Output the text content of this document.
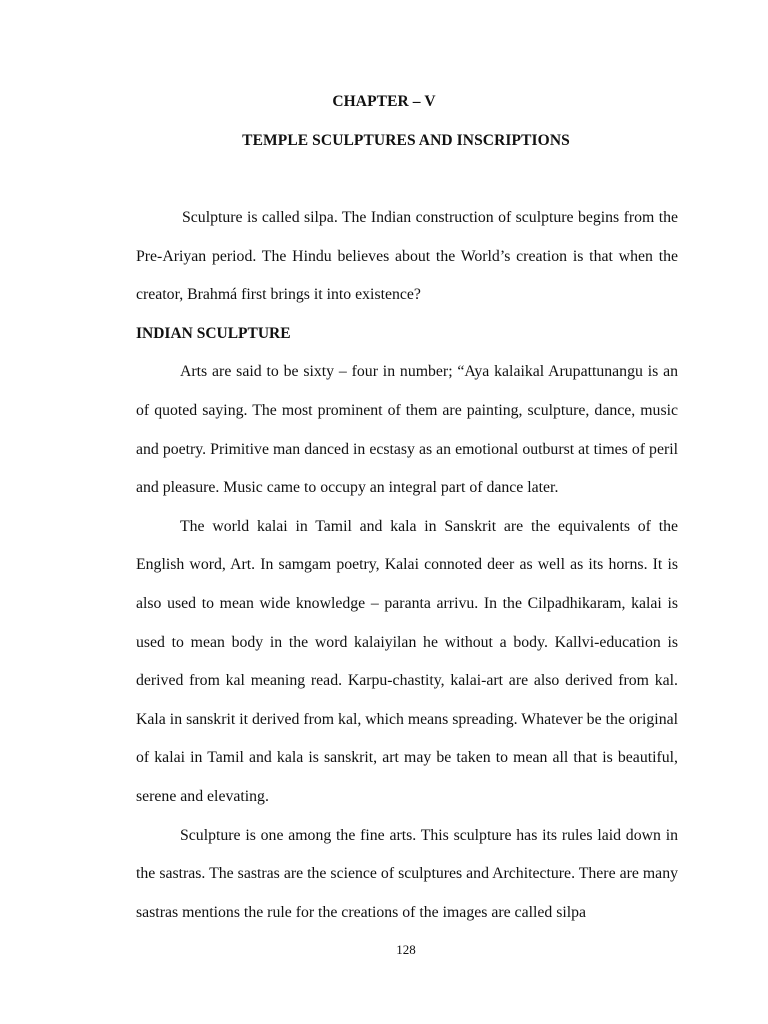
CHAPTER – V
TEMPLE SCULPTURES AND INSCRIPTIONS

Sculpture is called silpa. The Indian construction of sculpture begins from the Pre-Ariyan period. The Hindu believes about the World’s creation is that when the creator, Brahmá first brings it into existence?

INDIAN SCULPTURE

Arts are said to be sixty – four in number; “Aya kalaikal Arupattunangu is an of quoted saying. The most prominent of them are painting, sculpture, dance, music and poetry. Primitive man danced in ecstasy as an emotional outburst at times of peril and pleasure. Music came to occupy an integral part of dance later.

The world kalai in Tamil and kala in Sanskrit are the equivalents of the English word, Art. In samgam poetry, Kalai connoted deer as well as its horns. It is also used to mean wide knowledge – paranta arrivu. In the Cilpadhikaram, kalai is used to mean body in the word kalaiyilan he without a body. Kallvi-education is derived from kal meaning read. Karpu-chastity, kalai-art are also derived from kal. Kala in sanskrit it derived from kal, which means spreading. Whatever be the original of kalai in Tamil and kala is sanskrit, art may be taken to mean all that is beautiful, serene and elevating.

Sculpture is one among the fine arts. This sculpture has its rules laid down in the sastras. The sastras are the science of sculptures and Architecture. There are many sastras mentions the rule for the creations of the images are called silpa

128
